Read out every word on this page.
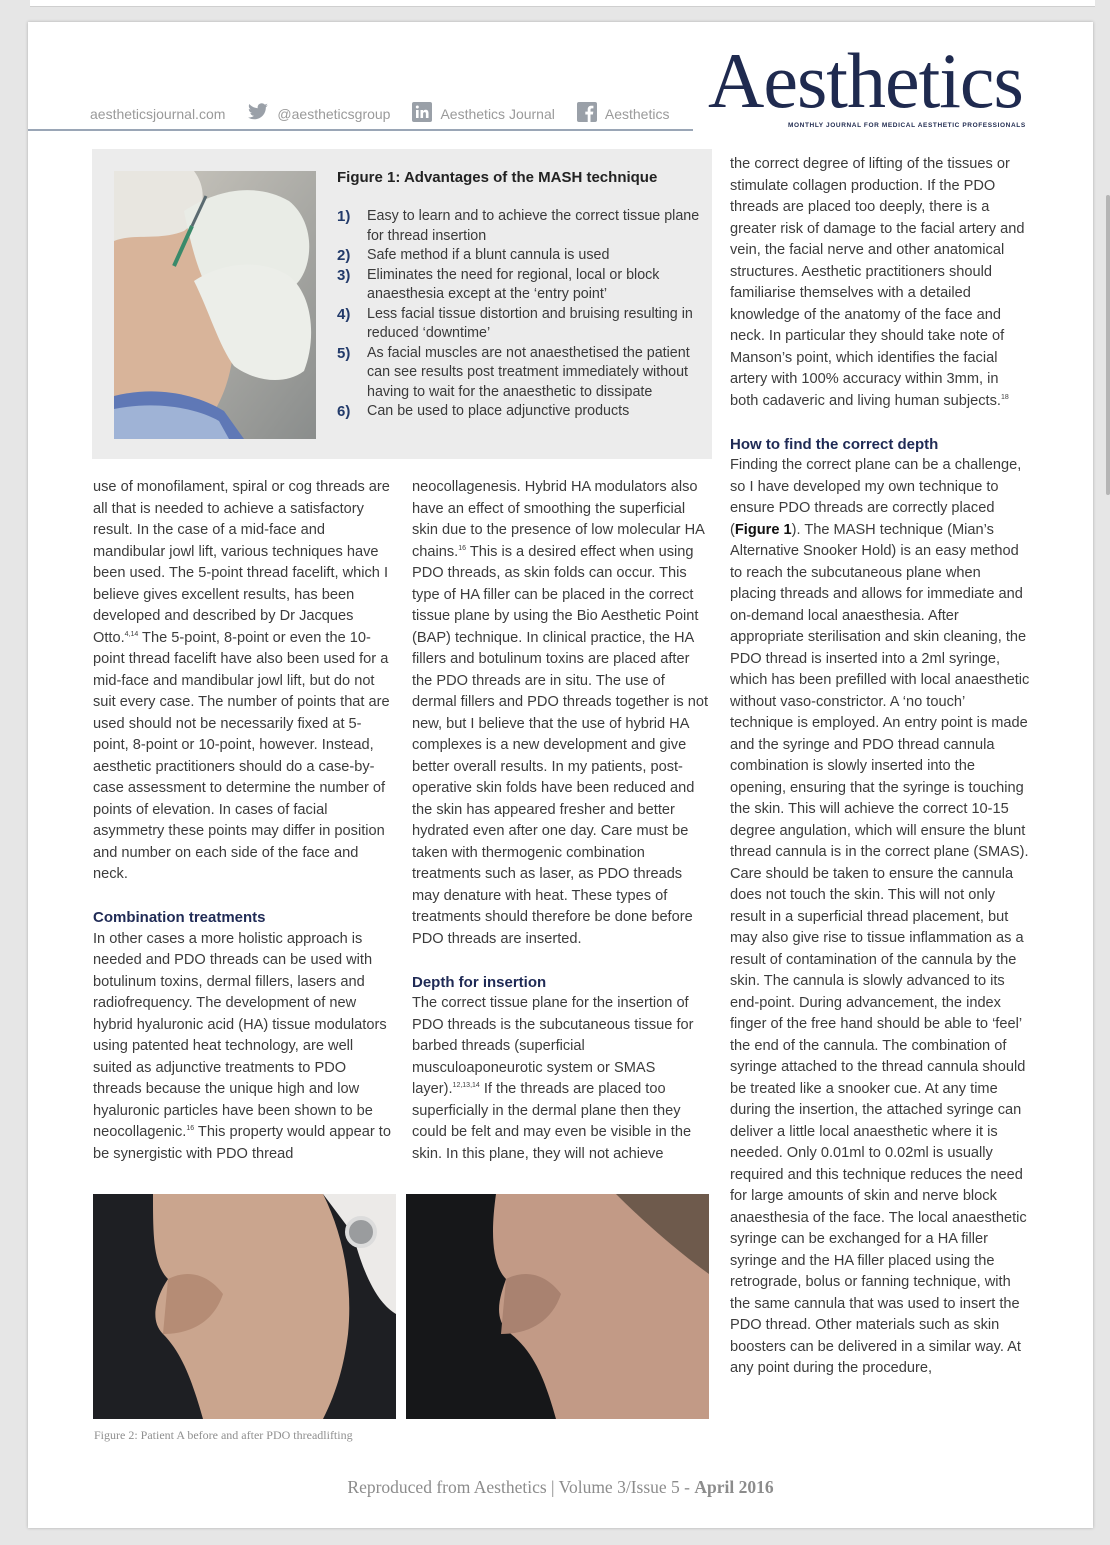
aestheticsjournal.com	@aestheticsgroup	Aesthetics Journal	Aesthetics Aesthetics
MONTHLY JOURNAL FOR MEDICAL AESTHETIC PROFESSIONALS
Figure 1: Advantages of the MASH technique
1)	Easy to learn and to achieve the correct tissue plane for thread insertion
2)	Safe method if a blunt cannula is used
3)	Eliminates the need for regional, local or block anaesthesia except at the ‘entry point’
4)	Less facial tissue distortion and bruising resulting in reduced ‘downtime’
5)	As facial muscles are not anaesthetised the patient can see results post treatment immediately without having to wait for the anaesthetic to dissipate
6)	Can be used to place adjunctive products

use of monofilament, spiral or cog threads are all that is needed to achieve a satisfactory result. In the case of a mid-face and mandibular jowl lift, various techniques have been used. The 5-point thread facelift, which I believe gives excellent results, has been developed and described by Dr Jacques Otto.$^{4,14}$ The 5-point, 8-point or even the 10-point thread facelift have also been used for a mid-face and mandibular jowl lift, but do not suit every case. The number of points that are used should not be necessarily fixed at 5-point, 8-point or 10-point, however. Instead, aesthetic practitioners should do a case-by-case assessment to determine the number of points of elevation. In cases of facial asymmetry these points may differ in position and number on each side of the face and neck.

Combination treatments

In other cases a more holistic approach is needed and PDO threads can be used with botulinum toxins, dermal fillers, lasers and radiofrequency. The development of new hybrid hyaluronic acid (HA) tissue modulators using patented heat technology, are well suited as adjunctive treatments to PDO threads because the unique high and low hyaluronic particles have been shown to be neocollagenic.$^{16}$ This property would appear to be synergistic with PDO thread

neocollagenesis. Hybrid HA modulators also have an effect of smoothing the superficial skin due to the presence of low molecular HA chains.$^{16}$ This is a desired effect when using PDO threads, as skin folds can occur. This type of HA filler can be placed in the correct tissue plane by using the Bio Aesthetic Point (BAP) technique. In clinical practice, the HA fillers and botulinum toxins are placed after the PDO threads are in situ. The use of dermal fillers and PDO threads together is not new, but I believe that the use of hybrid HA complexes is a new development and give better overall results. In my patients, post-operative skin folds have been reduced and the skin has appeared fresher and better hydrated even after one day. Care must be taken with thermogenic combination treatments such as laser, as PDO threads may denature with heat. These types of treatments should therefore be done before PDO threads are inserted.

Depth for insertion

The correct tissue plane for the insertion of PDO threads is the subcutaneous tissue for barbed threads (superficial musculoaponeurotic system or SMAS layer).$^{12,13,14}$ If the threads are placed too superficially in the dermal plane then they could be felt and may even be visible in the skin. In this plane, they will not achieve

the correct degree of lifting of the tissues or stimulate collagen production. If the PDO threads are placed too deeply, there is a greater risk of damage to the facial artery and vein, the facial nerve and other anatomical structures. Aesthetic practitioners should familiarise themselves with a detailed knowledge of the anatomy of the face and neck. In particular they should take note of Manson’s point, which identifies the facial artery with 100% accuracy within 3mm, in both cadaveric and living human subjects.$^{18}$

How to find the correct depth

Finding the correct plane can be a challenge, so I have developed my own technique to ensure PDO threads are correctly placed (Figure 1). The MASH technique (Mian’s Alternative Snooker Hold) is an easy method to reach the subcutaneous plane when placing threads and allows for immediate and on-demand local anaesthesia. After appropriate sterilisation and skin cleaning, the PDO thread is inserted into a 2ml syringe, which has been prefilled with local anaesthetic without vaso-constrictor. A ‘no touch’ technique is employed. An entry point is made and the syringe and PDO thread cannula combination is slowly inserted into the opening, ensuring that the syringe is touching the skin. This will achieve the correct 10-15 degree angulation, which will ensure the blunt thread cannula is in the correct plane (SMAS). Care should be taken to ensure the cannula does not touch the skin. This will not only result in a superficial thread placement, but may also give rise to tissue inflammation as a result of contamination of the cannula by the skin. The cannula is slowly advanced to its end-point. During advancement, the index finger of the free hand should be able to ‘feel’ the end of the cannula. The combination of syringe attached to the thread cannula should be treated like a snooker cue. At any time during the insertion, the attached syringe can deliver a little local anaesthetic where it is needed. Only 0.01ml to 0.02ml is usually required and this technique reduces the need for large amounts of skin and nerve block anaesthesia of the face. The local anaesthetic syringe can be exchanged for a HA filler syringe and the HA filler placed using the retrograde, bolus or fanning technique, with the same cannula that was used to insert the PDO thread. Other materials such as skin boosters can be delivered in a similar way. At any point during the procedure,

Figure 2: Patient A before and after PDO threadlifting
Reproduced from Aesthetics | Volume 3/Issue 5 - April 2016
